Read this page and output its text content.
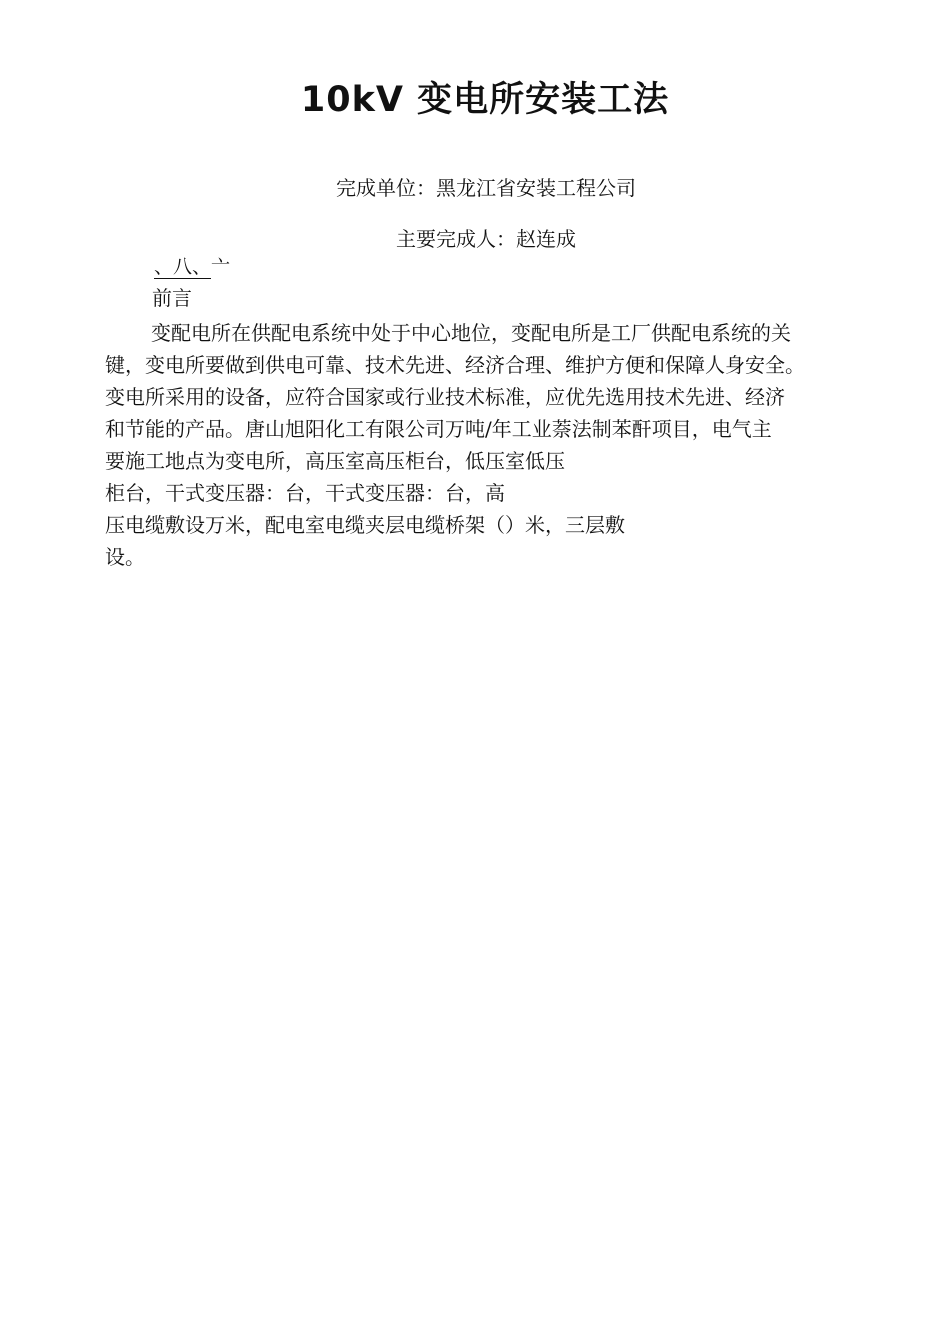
10kV 变电所安装工法

完成单位：黑龙江省安装工程公司

主要完成人：赵连成

、八、亠

前言

变配电所在供配电系统中处于中心地位，变配电所是工厂供配电系统的关
键，变电所要做到供电可靠、技术先进、经济合理、维护方便和保障人身安全。
变电所采用的设备，应符合国家或行业技术标准，应优先选用技术先进、经济
和节能的产品。唐山旭阳化工有限公司万吨/年工业萘法制苯酐项目，电气主
要施工地点为变电所，高压室高压柜台，低压室低压
柜台，干式变压器：台，干式变压器：台，高
压电缆敷设万米，配电室电缆夹层电缆桥架（）米，三层敷
设。
